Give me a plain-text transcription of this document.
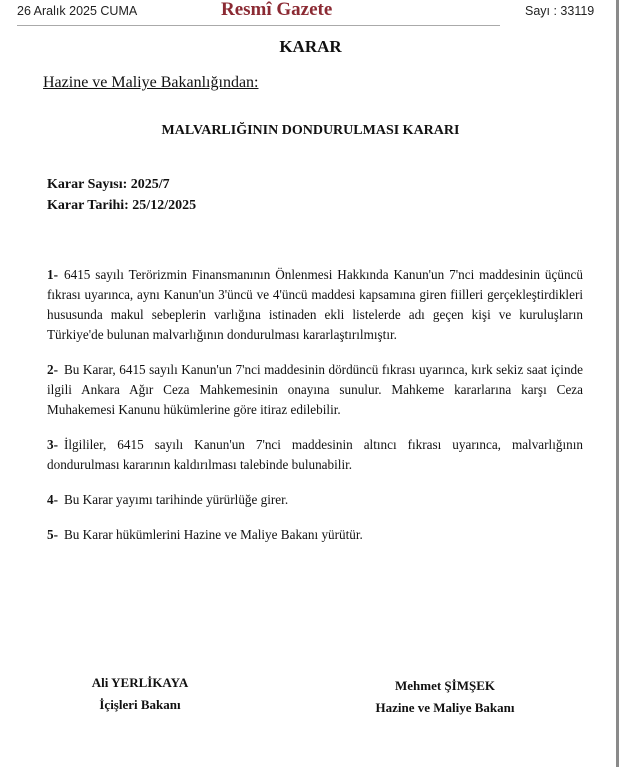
26 Aralık 2025 CUMA	Resmî Gazete	Sayı : 33119
KARAR
Hazine ve Maliye Bakanlığından:
MALVARLIĞININ DONDURULMASI KARARI
Karar Sayısı: 2025/7
Karar Tarihi: 25/12/2025
1- 6415 sayılı Terörizmin Finansmanının Önlenmesi Hakkında Kanun'un 7'nci maddesinin üçüncü fıkrası uyarınca, aynı Kanun'un 3'üncü ve 4'üncü maddesi kapsamına giren fiilleri gerçekleştirdikleri hususunda makul sebeplerin varlığına istinaden ekli listelerde adı geçen kişi ve kuruluşların Türkiye'de bulunan malvarlığının dondurulması kararlaştırılmıştır.
2- Bu Karar, 6415 sayılı Kanun'un 7'nci maddesinin dördüncü fıkrası uyarınca, kırk sekiz saat içinde ilgili Ankara Ağır Ceza Mahkemesinin onayına sunulur. Mahkeme kararlarına karşı Ceza Muhakemesi Kanunu hükümlerine göre itiraz edilebilir.
3- İlgililer, 6415 sayılı Kanun'un 7'nci maddesinin altıncı fıkrası uyarınca, malvarlığının dondurulması kararının kaldırılması talebinde bulunabilir.
4- Bu Karar yayımı tarihinde yürürlüğe girer.
5- Bu Karar hükümlerini Hazine ve Maliye Bakanı yürütür.
Ali YERLİKAYA
İçişleri Bakanı
Mehmet ŞİMŞEK
Hazine ve Maliye Bakanı
